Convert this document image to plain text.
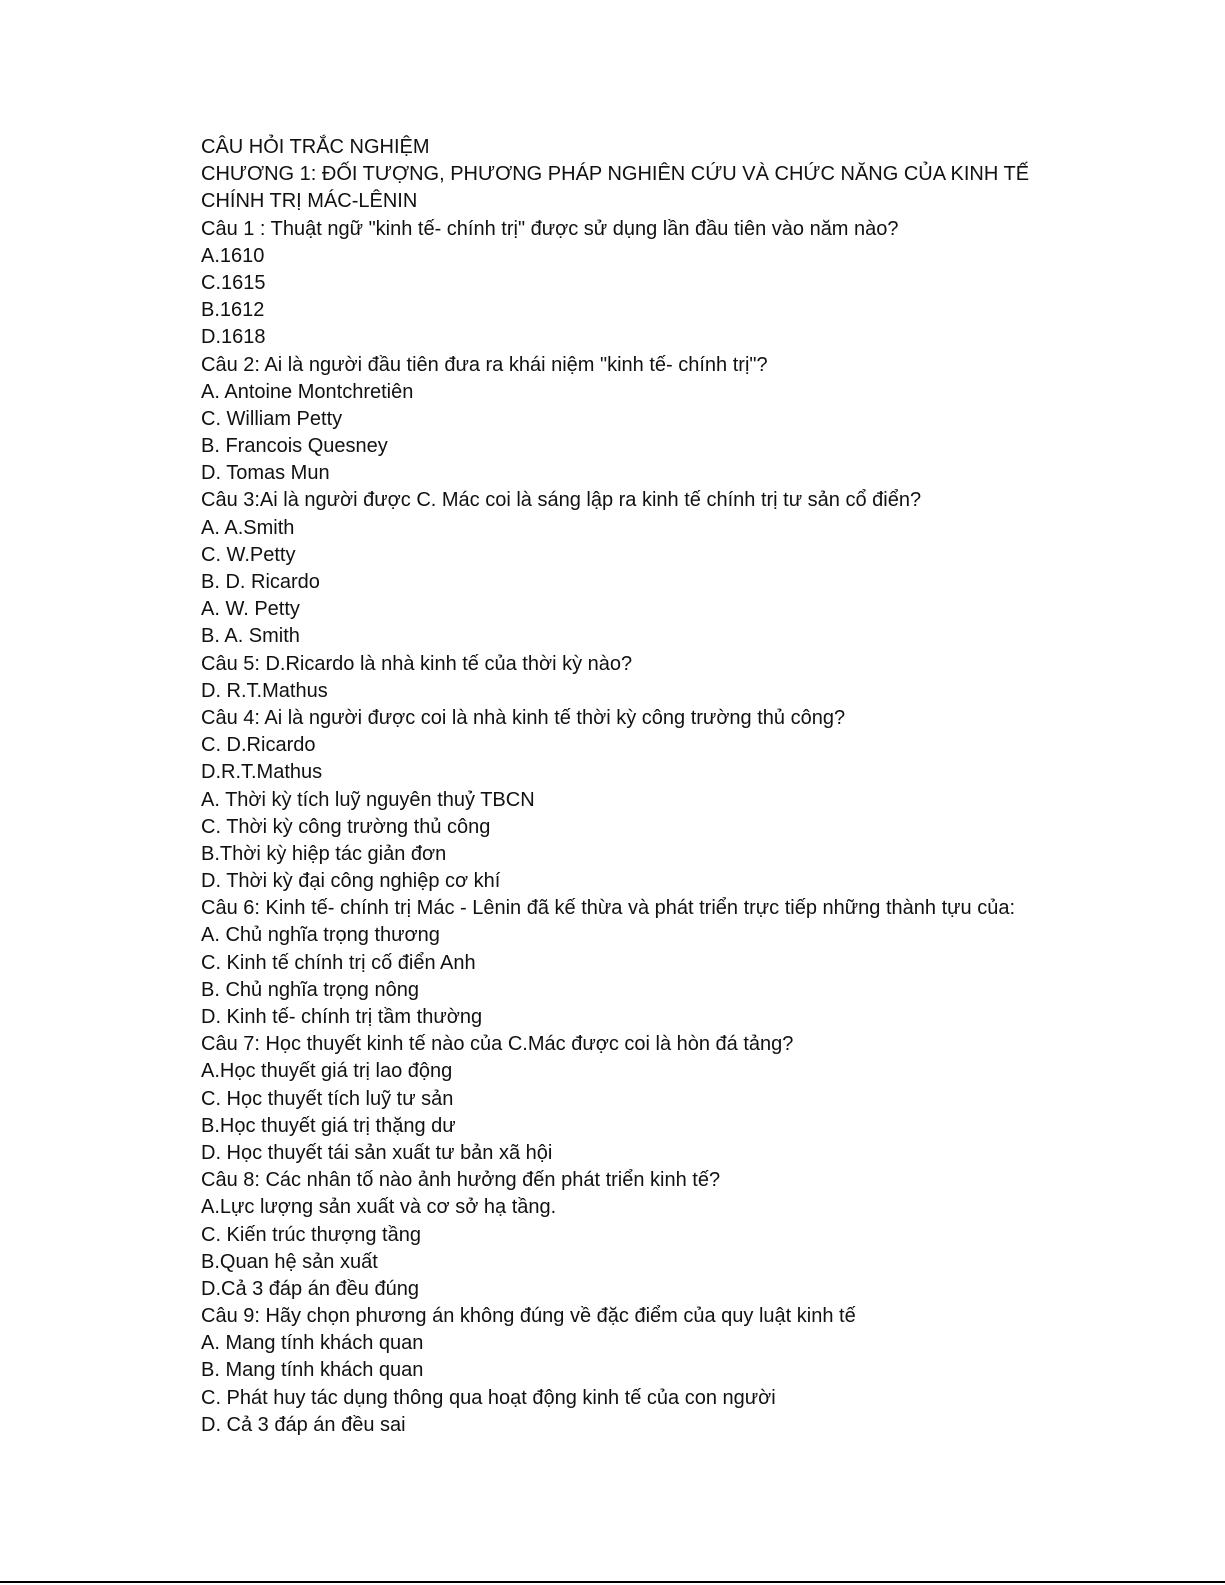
CÂU HỎI TRẮC NGHIỆM
CHƯƠNG 1: ĐỐI TƯỢNG, PHƯƠNG PHÁP NGHIÊN CỨU VÀ CHỨC NĂNG CỦA KINH TẾ CHÍNH TRỊ MÁC-LÊNIN
Câu 1 : Thuật ngữ "kinh tế- chính trị" được sử dụng lần đầu tiên vào năm nào?
A.1610
C.1615
B.1612
D.1618
Câu 2: Ai là người đầu tiên đưa ra khái niệm "kinh tế- chính trị"?
A. Antoine Montchretiên
C. William Petty
B. Francois Quesney
D. Tomas Mun
Câu 3:Ai là người được C. Mác coi là sáng lập ra kinh tế chính trị tư sản cổ điển?
A. A.Smith
C. W.Petty
B. D. Ricardo
A. W. Petty
B. A. Smith
Câu 5: D.Ricardo là nhà kinh tế của thời kỳ nào?
D. R.T.Mathus
Câu 4: Ai là người được coi là nhà kinh tế thời kỳ công trường thủ công?
C. D.Ricardo
D.R.T.Mathus
A. Thời kỳ tích luỹ nguyên thuỷ TBCN
C. Thời kỳ công trường thủ công
B.Thời kỳ hiệp tác giản đơn
D. Thời kỳ đại công nghiệp cơ khí
Câu 6: Kinh tế- chính trị Mác - Lênin đã kế thừa và phát triển trực tiếp những thành tựu của:
A. Chủ nghĩa trọng thương
C. Kinh tế chính trị cố điển Anh
B. Chủ nghĩa trọng nông
D. Kinh tế- chính trị tầm thường
Câu 7: Học thuyết kinh tế nào của C.Mác được coi là hòn đá tảng?
A.Học thuyết giá trị lao động
C. Học thuyết tích luỹ tư sản
B.Học thuyết giá trị thặng dư
D. Học thuyết tái sản xuất tư bản xã hội
Câu 8: Các nhân tố nào ảnh hưởng đến phát triển kinh tế?
A.Lực lượng sản xuất và cơ sở hạ tầng.
C. Kiến trúc thượng tầng
B.Quan hệ sản xuất
D.Cả 3 đáp án đều đúng
Câu 9: Hãy chọn phương án không đúng về đặc điểm của quy luật kinh tế
A. Mang tính khách quan
B. Mang tính khách quan
C. Phát huy tác dụng thông qua hoạt động kinh tế của con người
D. Cả 3 đáp án đều sai
